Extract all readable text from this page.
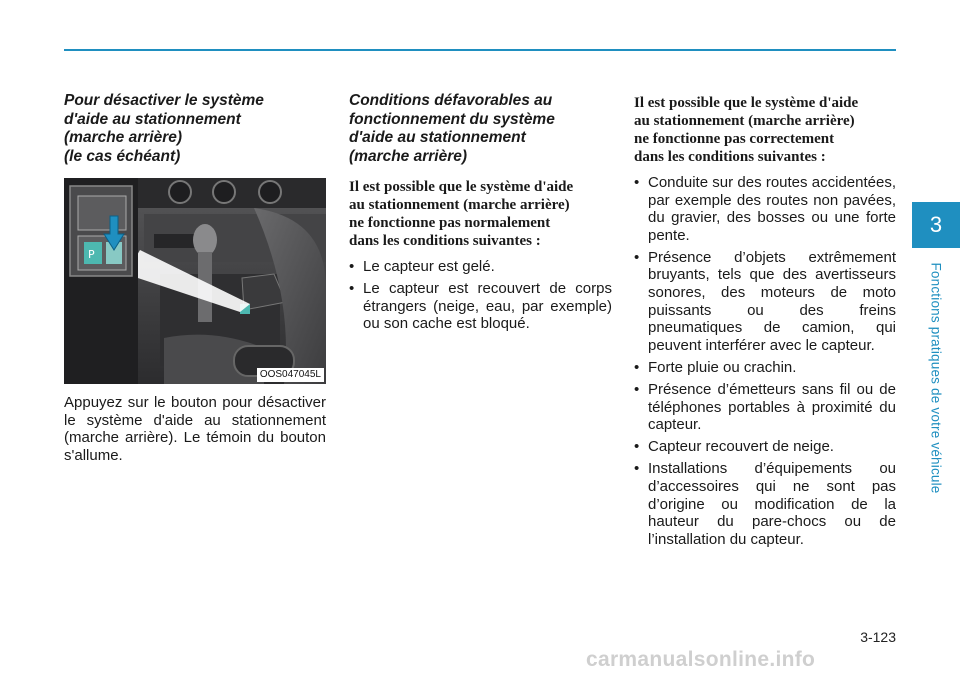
Pour désactiver le système
d'aide au stationnement
(marche arrière)
(le cas échéant)
P
OOS047045L

Appuyez sur le bouton pour désactiver le système d'aide au stationnement (marche arrière). Le témoin du bouton s'allume.

Conditions défavorables au
fonctionnement du système
d'aide au stationnement
(marche arrière)

Il est possible que le système d'aide
au stationnement (marche arrière)
ne fonctionne pas normalement
dans les conditions suivantes :

• Le capteur est gelé.
• Le capteur est recouvert de corps étrangers (neige, eau, par exemple) ou son cache est bloqué.

Il est possible que le système d'aide
au stationnement (marche arrière)
ne fonctionne pas correctement
dans les conditions suivantes :

• Conduite sur des routes accidentées, par exemple des routes non pavées, du gravier, des bosses ou une forte pente.
• Présence d’objets extrêmement bruyants, tels que des avertisseurs sonores, des moteurs de moto puissants ou des freins pneumatiques de camion, qui peuvent interférer avec le capteur.
• Forte pluie ou crachin.
• Présence d’émetteurs sans fil ou de téléphones portables à proximité du capteur.
• Capteur recouvert de neige.
• Installations d’équipements ou d’accessoires qui ne sont pas d’origine ou modification de la hauteur du pare-chocs ou de l’installation du capteur.
3
Fonctions pratiques de votre véhicule
3-123
carmanualsonline.info
